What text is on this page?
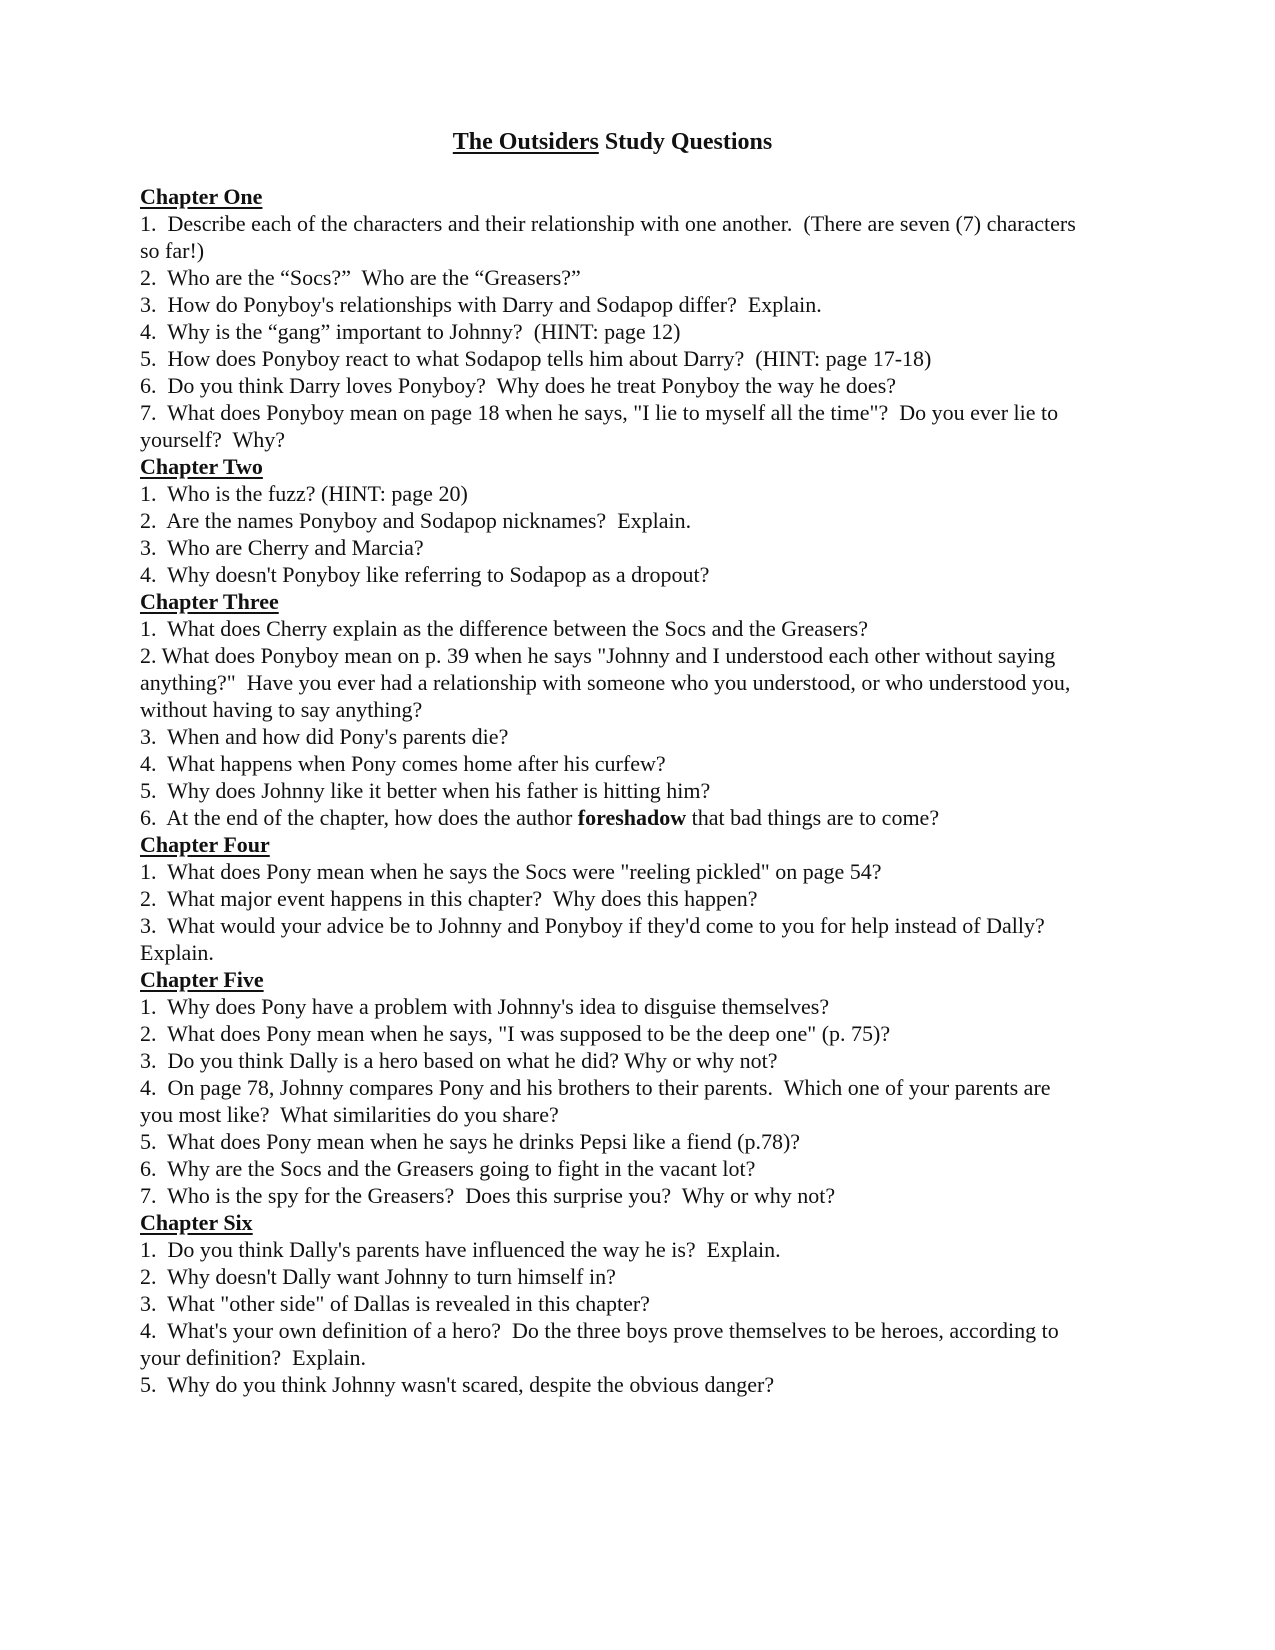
The Outsiders Study Questions
Chapter One

1.  Describe each of the characters and their relationship with one another.  (There are seven (7) characters so far!)

2.  Who are the “Socs?”  Who are the “Greasers?”

3.  How do Ponyboy's relationships with Darry and Sodapop differ?  Explain.

4.  Why is the “gang” important to Johnny?  (HINT: page 12)

5.  How does Ponyboy react to what Sodapop tells him about Darry?  (HINT: page 17-18)

6.  Do you think Darry loves Ponyboy?  Why does he treat Ponyboy the way he does?

7.  What does Ponyboy mean on page 18 when he says, "I lie to myself all the time"?  Do you ever lie to yourself?  Why?

Chapter Two

1.  Who is the fuzz? (HINT: page 20)

2.  Are the names Ponyboy and Sodapop nicknames?  Explain.

3.  Who are Cherry and Marcia?

4.  Why doesn't Ponyboy like referring to Sodapop as a dropout?

Chapter Three

1.  What does Cherry explain as the difference between the Socs and the Greasers?

2. What does Ponyboy mean on p. 39 when he says "Johnny and I understood each other without saying anything?"  Have you ever had a relationship with someone who you understood, or who understood you, without having to say anything?

3.  When and how did Pony's parents die?

4.  What happens when Pony comes home after his curfew?

5.  Why does Johnny like it better when his father is hitting him?

6.  At the end of the chapter, how does the author foreshadow that bad things are to come?

Chapter Four

1.  What does Pony mean when he says the Socs were "reeling pickled" on page 54?

2.  What major event happens in this chapter?  Why does this happen?

3.  What would your advice be to Johnny and Ponyboy if they'd come to you for help instead of Dally?  Explain.

Chapter Five

1.  Why does Pony have a problem with Johnny's idea to disguise themselves?

2.  What does Pony mean when he says, "I was supposed to be the deep one" (p. 75)?

3.  Do you think Dally is a hero based on what he did? Why or why not?

4.  On page 78, Johnny compares Pony and his brothers to their parents.  Which one of your parents are you most like?  What similarities do you share?

5.  What does Pony mean when he says he drinks Pepsi like a fiend (p.78)?

6.  Why are the Socs and the Greasers going to fight in the vacant lot?

7.  Who is the spy for the Greasers?  Does this surprise you?  Why or why not?

Chapter Six

1.  Do you think Dally's parents have influenced the way he is?  Explain.

2.  Why doesn't Dally want Johnny to turn himself in?

3.  What "other side" of Dallas is revealed in this chapter?

4.  What's your own definition of a hero?  Do the three boys prove themselves to be heroes, according to your definition?  Explain.

5.  Why do you think Johnny wasn't scared, despite the obvious danger?
